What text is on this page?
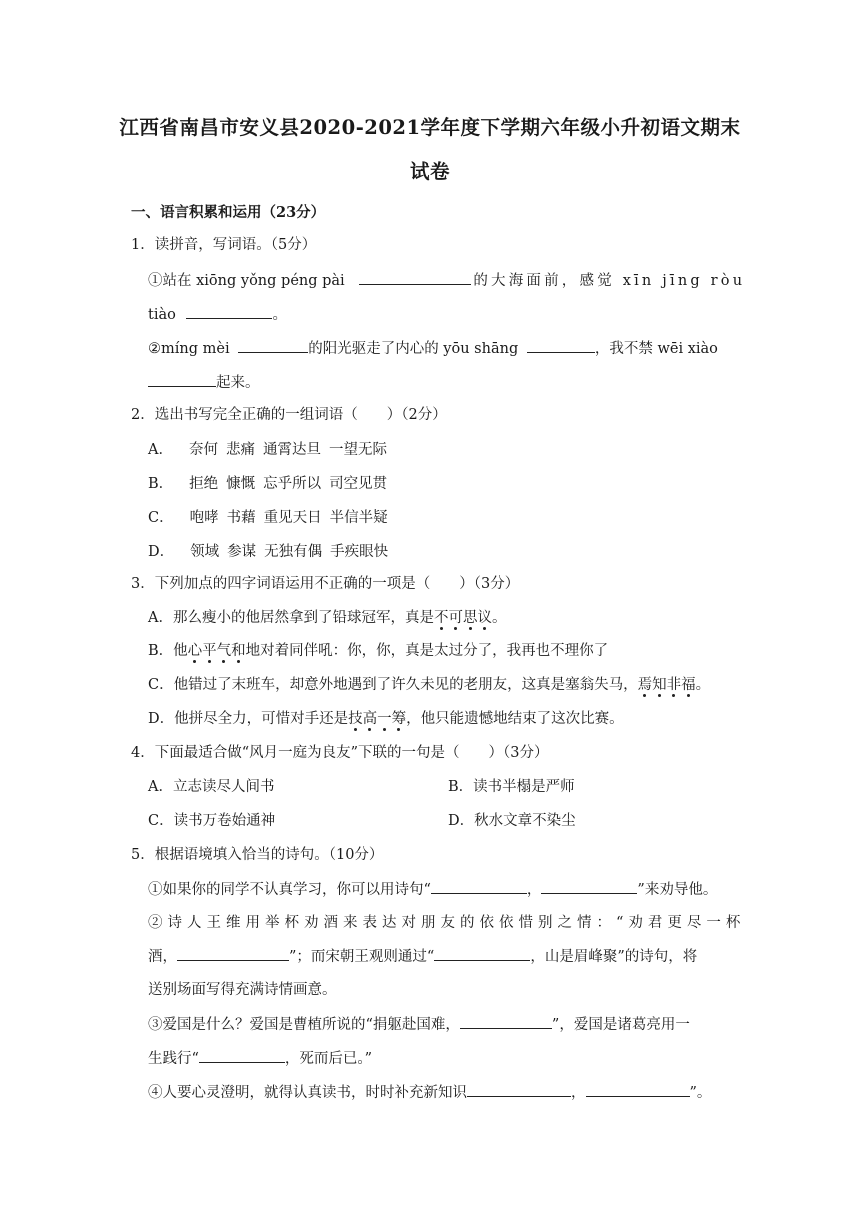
江西省南昌市安义县2020-2021学年度下学期六年级小升初语文期末
试卷
一、语言积累和运用（23分）
1．读拼音，写词语。（5分）
①站在 xiōng yǒng péng pài	的大海面前，感觉 xīn jīng ròu
tiào	。
②míng mèi	的阳光驱走了内心的 yōu shāng	，我不禁 wēi xiào
起来。
2．选出书写完全正确的一组词语（　　）（2分）
A． 奈何 悲痛 通霄达旦 一望无际
B． 拒绝 慷慨 忘乎所以 司空见贯
C． 咆哮 书藉 重见天日 半信半疑
D． 领域 参谋 无独有偶 手疾眼快
3．下列加点的四字词语运用不正确的一项是（　　）（3分）
A．那么瘦小的他居然拿到了铅球冠军，真是不可思议。
B．他心平气和地对着同伴吼：你，你，真是太过分了，我再也不理你了
C．他错过了末班车，却意外地遇到了许久未见的老朋友，这真是塞翁失马，焉知非福。
D．他拼尽全力，可惜对手还是技高一筹，他只能遗憾地结束了这次比赛。
4．下面最适合做“风月一庭为良友”下联的一句是（　　）（3分）
A．立志读尽人间书	B．读书半榻是严师
C．读书万卷始通神	D．秋水文章不染尘
5．根据语境填入恰当的诗句。（10分）
①如果你的同学不认真学习，你可以用诗句“	，	”来劝导他。
②诗人王维用举杯劝酒来表达对朋友的依依惜别之情：“劝君更尽一杯
酒，	”；而宋朝王观则通过“	，山是眉峰聚”的诗句，将
送别场面写得充满诗情画意。
③爱国是什么？爱国是曹植所说的“捐躯赴国难，	”，爱国是诸葛亮用一
生践行“	，死而后已。”
④人要心灵澄明，就得认真读书，时时补充新知识	，	”。
